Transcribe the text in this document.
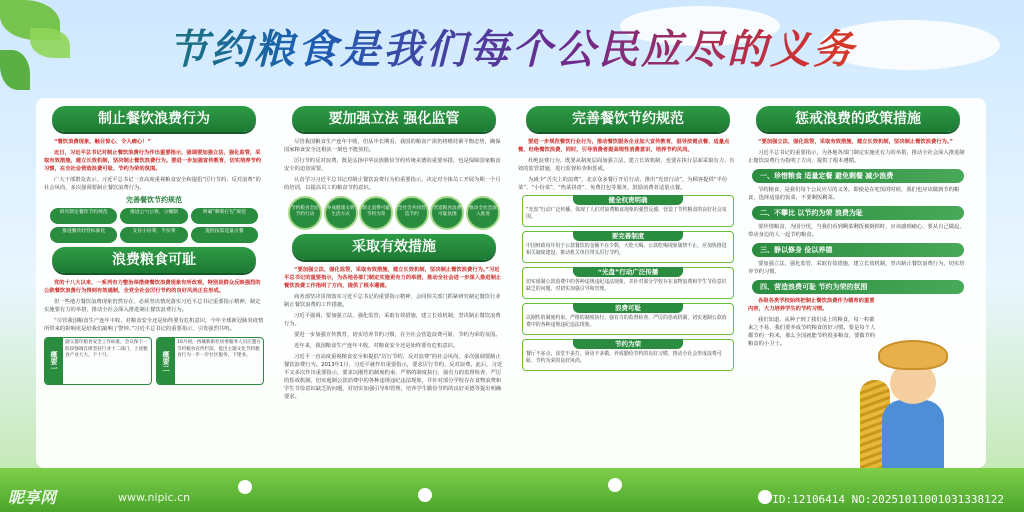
节约粮食是我们每个公民应尽的义务
制止餐饮浪费行为
“餐饮浪费现象，触目惊心、令人痛心！”
近日，习近平总书记对制止餐饮浪费行为作出重要指示，强调要加强立法，强化监管，采取有效措施，建立长效机制，坚决制止餐饮浪费行为。要进一步加强宣传教育，切实培养节约习惯，在全社会营造浪费可耻、节约为荣的氛围。
广大干部群众表示，习近平总书记一直高度重视粮食安全和提倡“厉行节约、反对浪费”的社会风尚，多次强调要制止餐饮浪费行为。
完善餐饮节约规范
研究制定餐饮节约规范	推进公勺公筷、分餐制	明确“剩菜打包”规范
推进餐饮经营标准化	支持小份菜、半份菜	提倡按需适量点餐
浪费粮食可耻
党的十八大以来，一系列有力整治举措使餐饮浪费现象有所改观，特别是群众反映强烈的公款餐饮浪费行为得到有效遏制，全党全社会厉行节约的良好风尚正在形成。
但一些地方餐饮浪费现象仍然存在，必须坚决情况落实习近平总书记重要指示精神，制定实施要有力的举措，推动全社会深入推进制止餐饮浪费行为。
“尽管我国粮食生产连年丰收，对粮食安全还是始终要有危机意识，今年全球新冠肺炎疫情所带来的影响更是给我们敲响了警钟。”习近平总书记的重要指示，引发强烈共鸣。
概要一
副义都年粮食安全工作标准，会议保下一阶段强调自律坚持行业十二部门，上述粮食产业大大，下十月。	概要二
10月初，西城新街社居委服务人员应邀在节约粮食宣传栏前，提出主题文化节约粮食行为一步一步社区服务，下建业。
要加强立法 强化监管
尽管我国粮食生产连年丰收，但从中长期看，我国的粮食产需仍将维持紧平衡态势，确保国家粮食安全这根弦一刻也不能放松。
厉行节约反对浪费，既是弘扬中华民族勤俭节约传统美德的重要举措，也是保障国家粮食安全的迫切需要。
认真学习习近平总书记对制止餐饮浪费行为的重要指示，决定对全体员工开展为期一个月的培训，以提高员工的粮食节约意识。
节约粮食全民节约行动
养成健康文明生活方式
制止浪费可耻节约为荣
全社会共同营造节约
营造粮食浪费可耻氛围
推动全社会深入推进
采取有效措施
“要加强立法，强化监管，采取有效措施，建立长效机制，坚决制止餐饮浪费行为。”习近平总书记的重要指示，为各地各部门制定实施更有力的举措，推动全社会进一步深入推进制止餐饮浪费工作指明了方向，提供了根本遵循。
商务部坚决贯彻落实习近平总书记的重要指示精神，会同相关部门抓紧研究制定餐饮行业制止餐饮浪费的工作措施。
习近平强调，要加强立法，强化监管，采取有效措施，建立长效机制，坚决制止餐饮浪费行为。
要进一步加强宣传教育，切实培养节约习惯，在全社会营造浪费可耻、节约为荣的氛围。
近年来，我国粮食生产连年丰收，对粮食安全还是始终要有危机意识。
习近平一直高度重视粮食安全和提倡“厉行节约、反对浪费”的社会风尚，多次强调要制止餐饮浪费行为。2013年1月，习近平就作出重要指示，要求厉行节约、反对浪费。此后，习近平又多次作出重要指示，要求以刚性的制度约束、严格的制度执行、强有力的监督检查、严厉的惩戒机制，切实遏制公款消费中的各种违规违纪违法现象，并针对部分学校存在食物浪费和学生节俭意识缺乏的问题，对切实加强引导和管理，培养学生勤俭节约的良好美德等提出明确要求。
完善餐饮节约规范
要进一步规范餐饮行业行为，推动餐饮服务企业加大宣传教育，倡导按需点餐、适量点餐，杜绝餐饮浪费，同时，引导消费者提高理性消费意识，培养节约风尚。
杜绝浪费行为，既要从制度层面加强立法，建立长效机制，也要在执行层面采取有力、有效的监管措施，进行监督检查和惩戒。
为减少“舌尖上的浪费”，北京众多餐厅开启行动，推出“光盘行动”，为顾客提供“半份菜”、“小份菜”、“热菜拼盘”、免费打包等服务，鼓励消费者适量点餐。
健全权责明确
“光盘”行动广泛传播，体现了人们对浪费粮食现象的强烈反感，营造了节约粮食的良好社会氛围。
要完善制度
中国财政每年用于公款餐饮的金额不在少数，大吃大喝、公款吃喝现象屡禁不止，应加快推进相关制度建设，推动机关单位带头厉行节约。
“光盘”行动广泛传播
切实遏制公款消费中的各种违规违纪违法现象，并针对部分学校存在食物浪费和学生节俭意识缺乏的问题，对切实加强引导和管理。
浪费可耻
以刚性的制度约束、严格的制度执行、强有力的监督检查、严厉的惩戒机制，切实遏制公款消费中的各种违规违纪违法现象。
节约为荣
餐厅不多点，食堂不多打，厨房不多做，养成勤俭节约的良好习惯，推动全社会形成浪费可耻、节约为荣的良好风尚。
惩戒浪费的政策措施
“要加强立法，强化监管，采取有效措施，建立长效机制，坚决制止餐饮浪费行为。”
习近平总书记的重要指示，为各地各部门制定实施更有力的举措，推动全社会深入推进制止餐饮浪费行为指明了方向、提供了根本遵循。
一、珍惜粮食 适量定餐 避免剩餐 减少浪费
节约粮食，是我们每个公民应尽的义务。即使是在吃饭的时候，我们也应该做到节约粮食，选择适量的饭菜，不要剩饭剩菜。
二、不攀比 以节约为荣 浪费为耻
要珍惜粮食，为国分忧，当我们看到剩菜剩饭被倒掉时，应该感到痛心，要从自己做起，带动身边的人一起节约粮食。
三、静以修身 俭以养德
要加强立法，强化监管，采取有效措施，建立长效机制，坚决制止餐饮浪费行为，切实培养节约习惯。
四、营造浪费可耻 节约为荣的氛围
各级各类学校始终把制止餐饮浪费作为德育的重要内容，大力培养学生的节约习惯。
我们知道，从种子到了我们桌上的粮食，每一粒都来之不易，我们要养成节约粮食的好习惯。要是每个人都节约一粒米，那么全国就能节约很多粮食，要做节约粮食的小卫士。
昵享网	www.nipic.cn	ID:12106414 NO:20251011001031338122
